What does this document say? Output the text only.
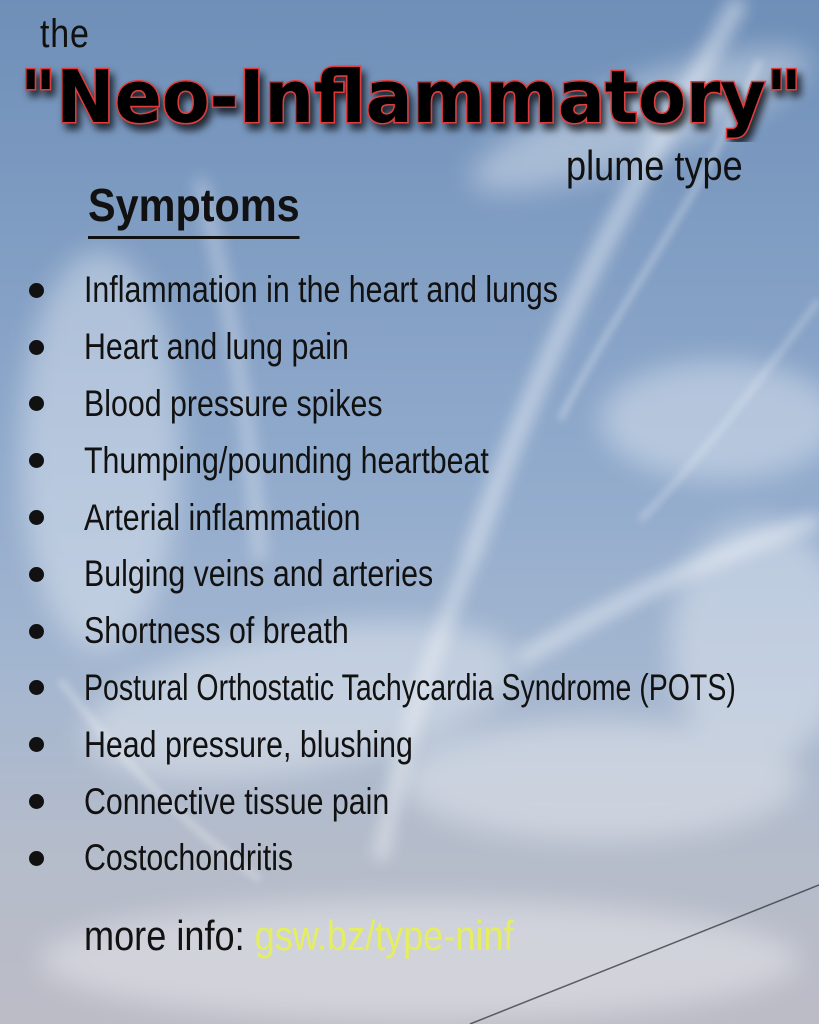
the
"Neo-Inflammatory"
plume type
Symptoms
Inflammation in the heart and lungs
Heart and lung pain
Blood pressure spikes
Thumping/pounding heartbeat
Arterial inflammation
Bulging veins and arteries
Shortness of breath
Postural Orthostatic Tachycardia Syndrome (POTS)
Head pressure, blushing
Connective tissue pain
Costochondritis
more info: gsw.bz/type-ninf
